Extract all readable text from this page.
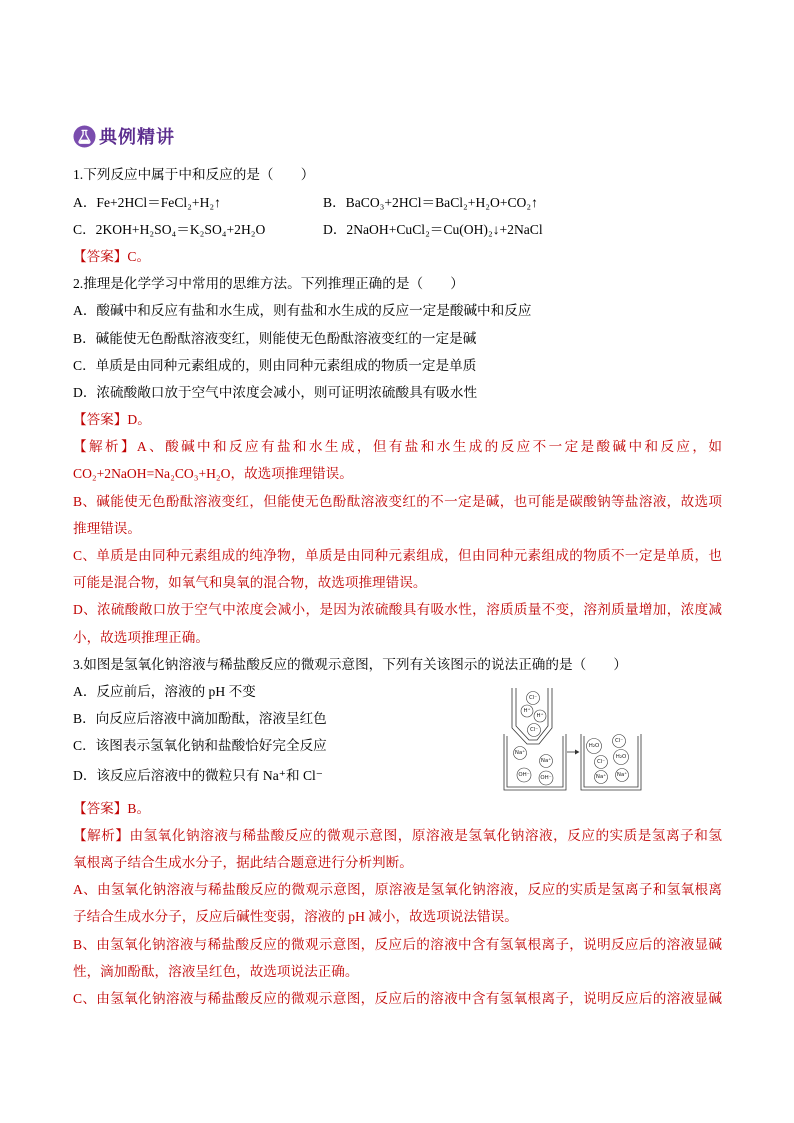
典例精讲
1.下列反应中属于中和反应的是（　　）
A．Fe+2HCl＝FeCl₂+H₂↑	B．BaCO₃+2HCl＝BaCl₂+H₂O+CO₂↑
C．2KOH+H₂SO₄＝K₂SO₄+2H₂O	D．2NaOH+CuCl₂＝Cu(OH)₂↓+2NaCl
【答案】C。
2.推理是化学学习中常用的思维方法。下列推理正确的是（　　）
A．酸碱中和反应有盐和水生成，则有盐和水生成的反应一定是酸碱中和反应
B．碱能使无色酚酞溶液变红，则能使无色酚酞溶液变红的一定是碱
C．单质是由同种元素组成的，则由同种元素组成的物质一定是单质
D．浓硫酸敞口放于空气中浓度会减小，则可证明浓硫酸具有吸水性
【答案】D。
【解析】A、酸碱中和反应有盐和水生成，但有盐和水生成的反应不一定是酸碱中和反应，如
CO₂+2NaOH=Na₂CO₃+H₂O，故选项推理错误。
B、碱能使无色酚酞溶液变红，但能使无色酚酞溶液变红的不一定是碱，也可能是碳酸钠等盐溶液，故选项
推理错误。
C、单质是由同种元素组成的纯净物，单质是由同种元素组成，但由同种元素组成的物质不一定是单质，也
可能是混合物，如氧气和臭氧的混合物，故选项推理错误。
D、浓硫酸敞口放于空气中浓度会减小，是因为浓硫酸具有吸水性，溶质质量不变，溶剂质量增加，浓度减
小，故选项推理正确。
3.如图是氢氧化钠溶液与稀盐酸反应的微观示意图，下列有关该图示的说法正确的是（　　）
A．反应前后，溶液的 pH 不变
B．向反应后溶液中滴加酚酞，溶液呈红色
C．该图表示氢氧化钠和盐酸恰好完全反应
D．该反应后溶液中的微粒只有 Na⁺和 Cl⁻
【答案】B。
【解析】由氢氧化钠溶液与稀盐酸反应的微观示意图，原溶液是氢氧化钠溶液，反应的实质是氢离子和氢
氧根离子结合生成水分子，据此结合题意进行分析判断。
A、由氢氧化钠溶液与稀盐酸反应的微观示意图，原溶液是氢氧化钠溶液，反应的实质是氢离子和氢氧根离
子结合生成水分子，反应后碱性变弱，溶液的 pH 减小，故选项说法错误。
B、由氢氧化钠溶液与稀盐酸反应的微观示意图，反应后的溶液中含有氢氧根离子，说明反应后的溶液显碱
性，滴加酚酞，溶液呈红色，故选项说法正确。
C、由氢氧化钠溶液与稀盐酸反应的微观示意图，反应后的溶液中含有氢氧根离子，说明反应后的溶液显碱
Cl⁻
H⁺
H⁺
Cl⁻
Na⁺
Na⁺
OH⁻ OH⁻
H₂O
Cl⁻
H₂O
Cl⁻
Na⁺ Na⁺
